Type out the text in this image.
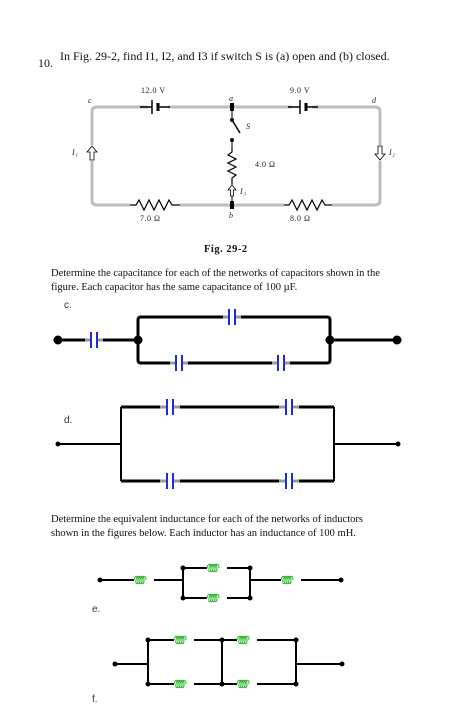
10. In Fig. 29-2, find I1, I2, and I3 if switch S is (a) open and (b) closed.
12.0 V	9.0 V
a
c	d
S
4.0 Ω
I₃
b
I₁	I₂
7.0 Ω	8.0 Ω
Fig. 29-2
Determine the capacitance for each of the networks of capacitors shown in the
figure. Each capacitor has the same capacitance of 100 µF.
c.
d.
Determine the equivalent inductance for each of the networks of inductors
shown in the figures below. Each inductor has an inductance of 100 mH.
e.
f.
